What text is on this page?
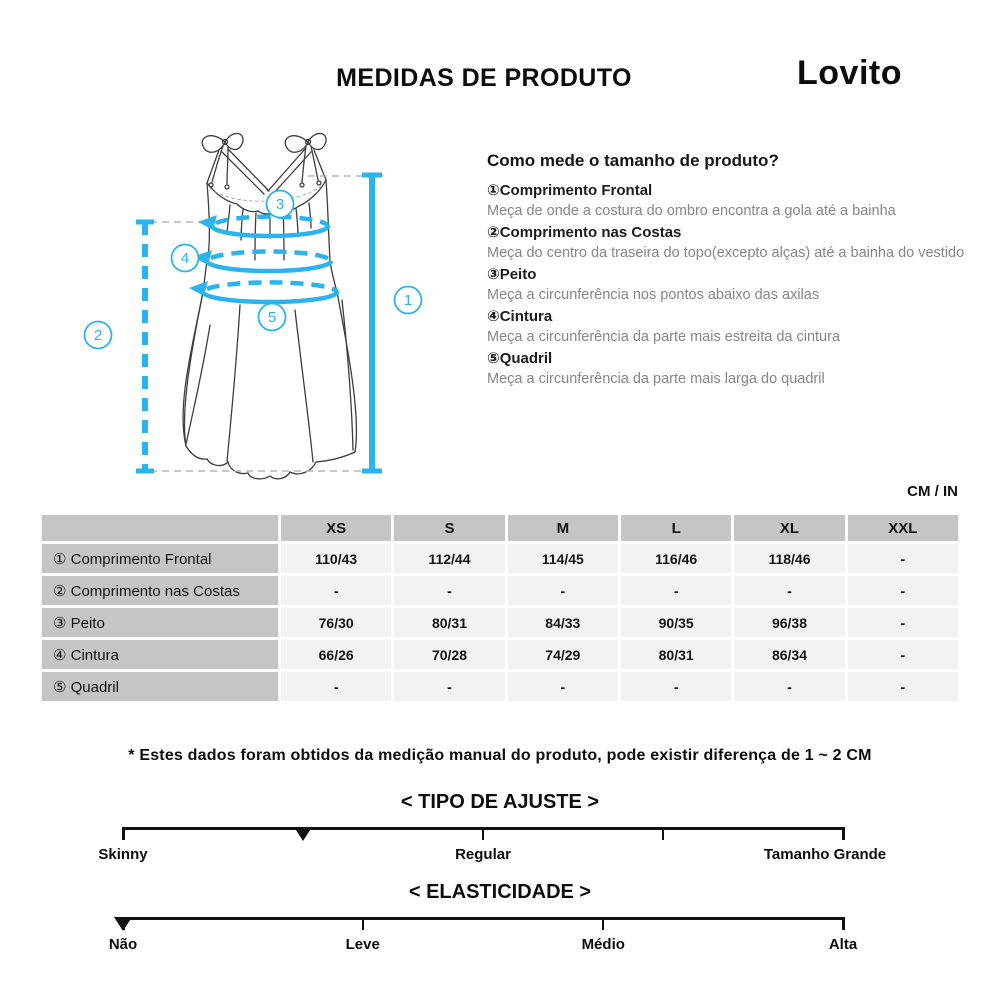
MEDIDAS DE PRODUTO	Lovito
1
2
3
4
5
Como mede o tamanho de produto?
①Comprimento Frontal
Meça de onde a costura do ombro encontra a gola até a bainha
②Comprimento nas Costas
Meça do centro da traseira do topo(excepto alças) até a bainha do vestido
③Peito
Meça a circunferência nos pontos abaixo das axilas
④Cintura
Meça a circunferência da parte mais estreita da cintura
⑤Quadril
Meça a circunferência da parte mais larga do quadril
CM / IN
XS	S	M	L	XL	XXL
① Comprimento Frontal	110/43	112/44	114/45	116/46	118/46	-
② Comprimento nas Costas	-	-	-	-	-	-
③ Peito	76/30	80/31	84/33	90/35	96/38	-
④ Cintura	66/26	70/28	74/29	80/31	86/34	-
⑤ Quadril	-	-	-	-	-	-
* Estes dados foram obtidos da medição manual do produto, pode existir diferença de 1 ~ 2 CM
< TIPO DE AJUSTE >
Skinny	Regular	Tamanho Grande
< ELASTICIDADE >
Não	Leve	Médio	Alta
